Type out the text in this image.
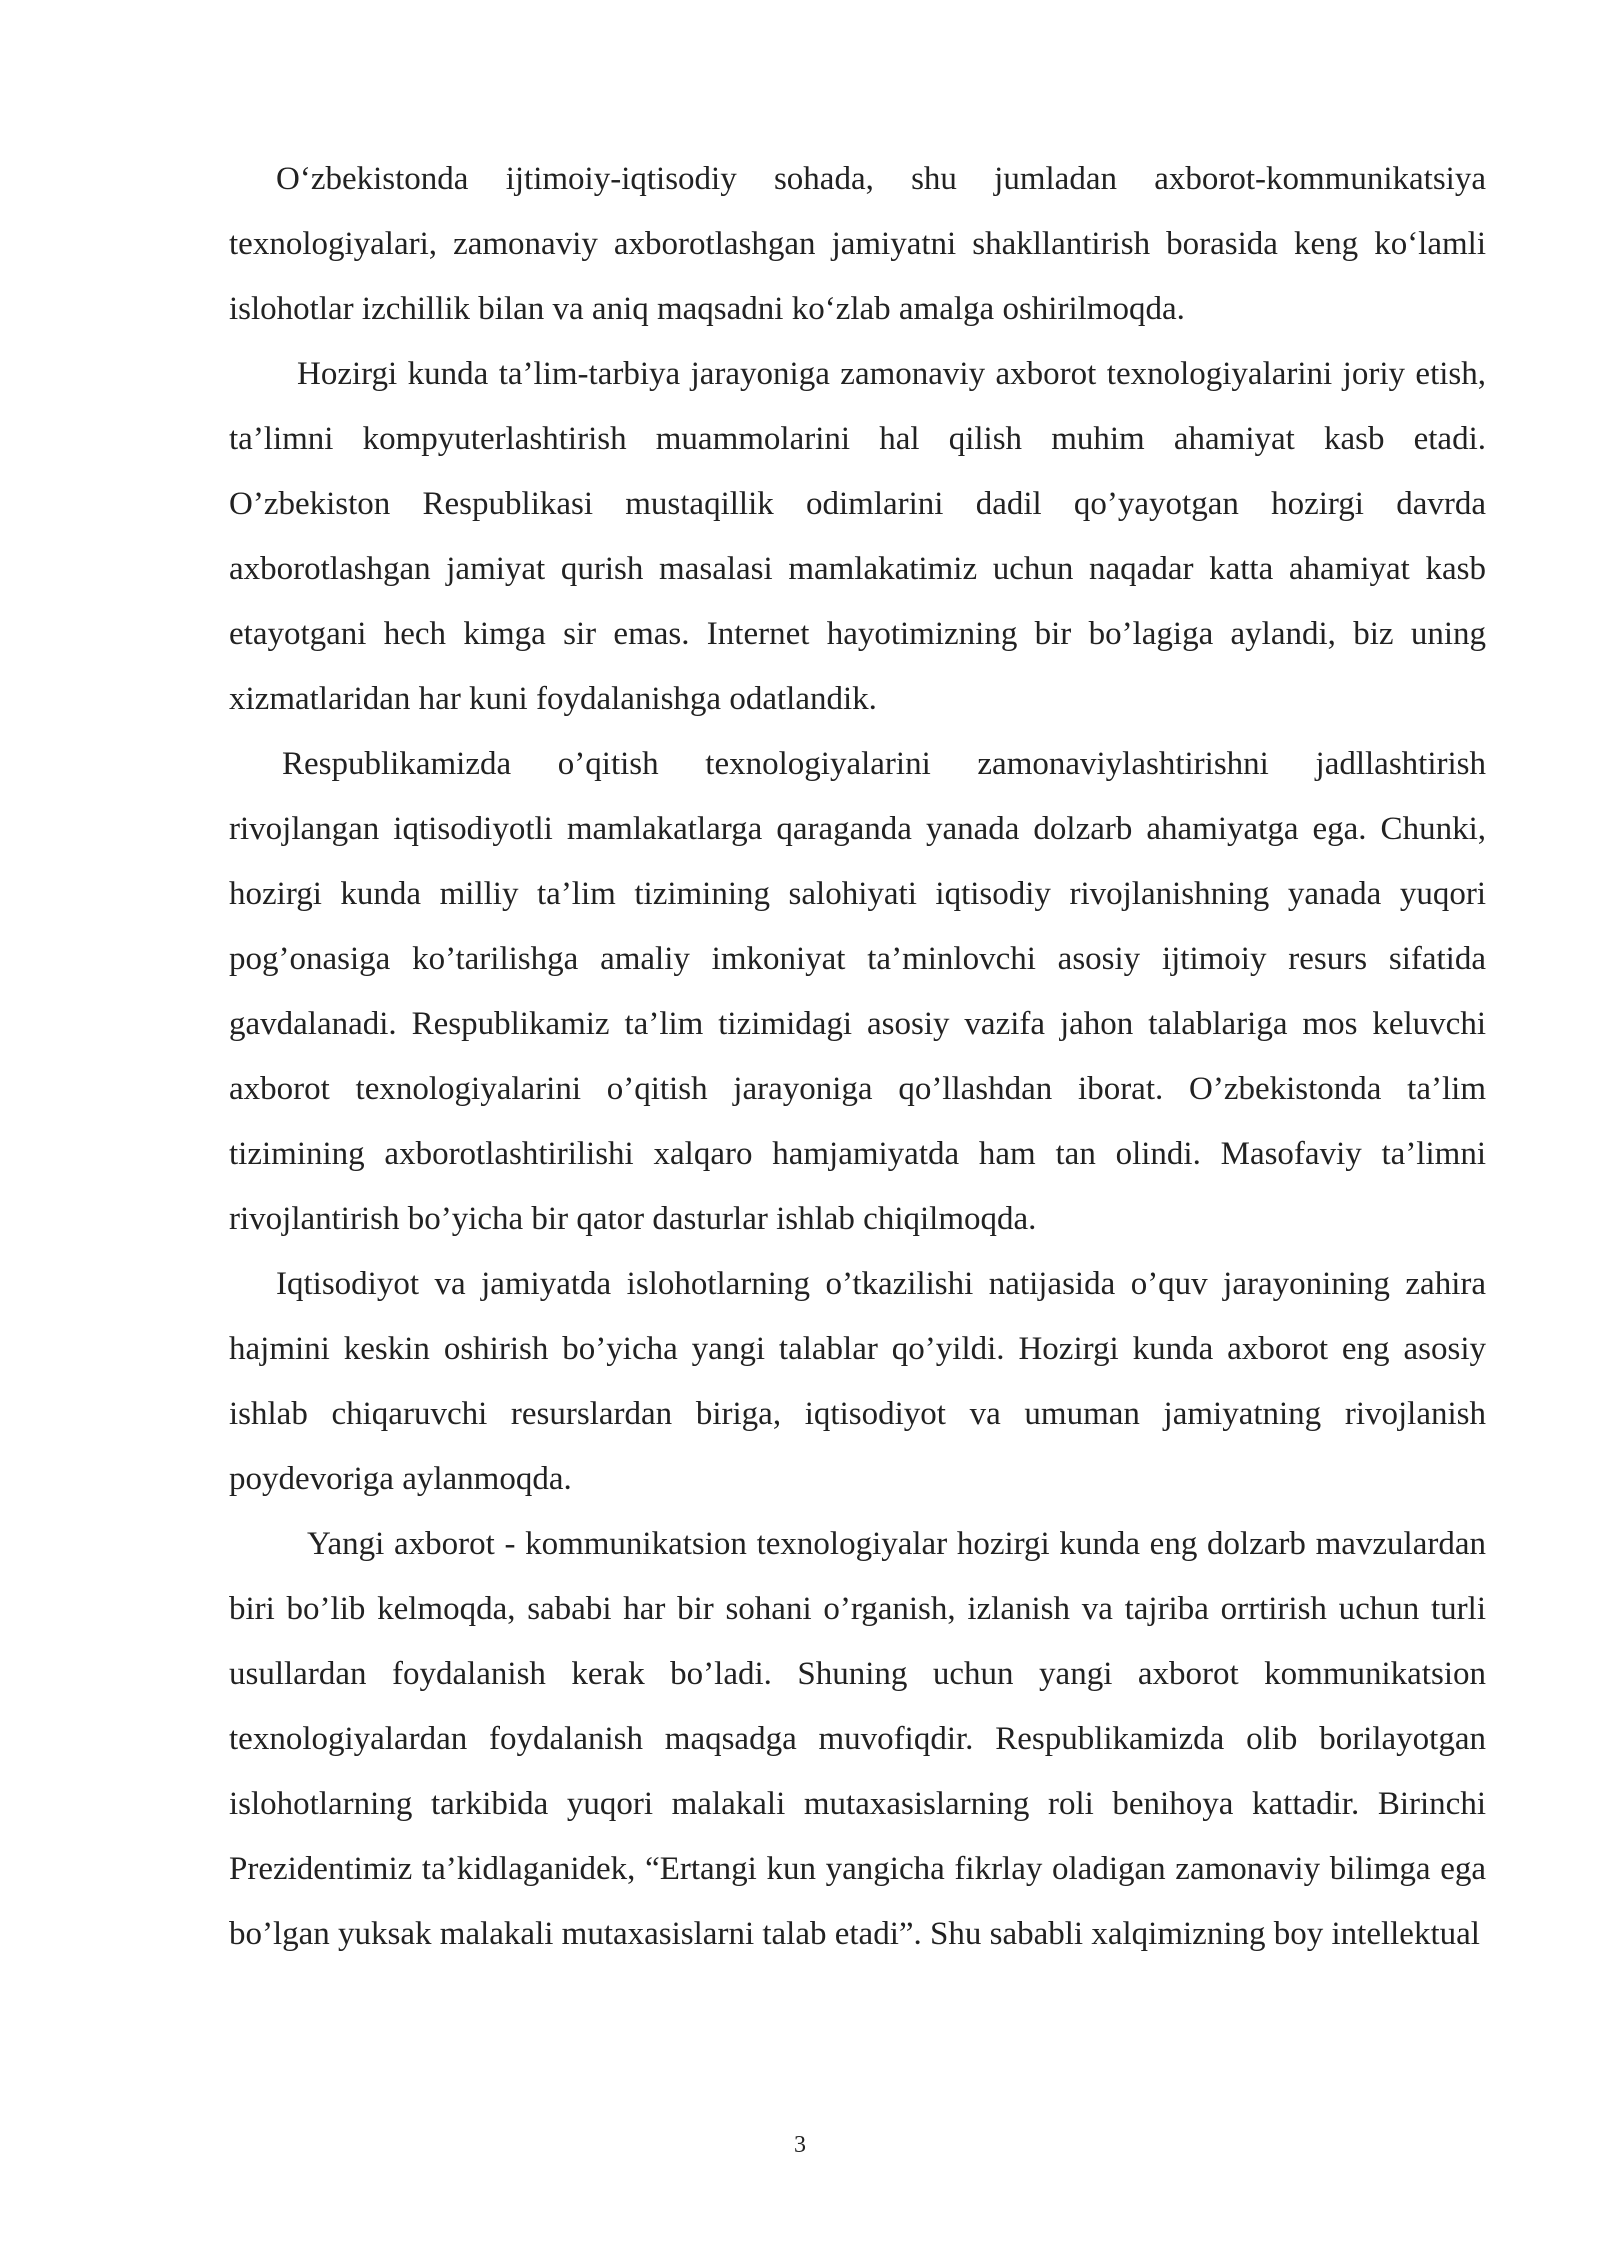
O‘zbekistonda ijtimoiy-iqtisodiy sohada, shu jumladan axborot-kommunikatsiya texnologiyalari, zamonaviy axborotlashgan jamiyatni shakllantirish borasida keng ko‘lamli islohotlar izchillik bilan va aniq maqsadni ko‘zlab amalga oshirilmoqda.

Hozirgi kunda ta’lim-tarbiya jarayoniga zamonaviy axborot texnologiyalarini joriy etish, ta’limni kompyuterlashtirish muammolarini hal qilish muhim ahamiyat kasb etadi. O’zbekiston Respublikasi mustaqillik odimlarini dadil qo’yayotgan hozirgi davrda axborotlashgan jamiyat qurish masalasi mamlakatimiz uchun naqadar katta ahamiyat kasb etayotgani hech kimga sir emas. Internet hayotimizning bir bo’lagiga aylandi, biz uning xizmatlaridan har kuni foydalanishga odatlandik.

Respublikamizda o’qitish texnologiyalarini zamonaviylashtirishni jadllashtirish rivojlangan iqtisodiyotli mamlakatlarga qaraganda yanada dolzarb ahamiyatga ega. Chunki, hozirgi kunda milliy ta’lim tizimining salohiyati iqtisodiy rivojlanishning yanada yuqori pog’onasiga ko’tarilishga amaliy imkoniyat ta’minlovchi asosiy ijtimoiy resurs sifatida gavdalanadi. Respublikamiz ta’lim tizimidagi asosiy vazifa jahon talablariga mos keluvchi axborot texnologiyalarini o’qitish jarayoniga qo’llashdan iborat. O’zbekistonda ta’lim tizimining axborotlashtirilishi xalqaro hamjamiyatda ham tan olindi. Masofaviy ta’limni rivojlantirish bo’yicha bir qator dasturlar ishlab chiqilmoqda.

Iqtisodiyot va jamiyatda islohotlarning o’tkazilishi natijasida o’quv jarayonining zahira hajmini keskin oshirish bo’yicha yangi talablar qo’yildi. Hozirgi kunda axborot eng asosiy ishlab chiqaruvchi resurslardan biriga, iqtisodiyot va umuman jamiyatning rivojlanish poydevoriga aylanmoqda.

Yangi axborot - kommunikatsion texnologiyalar hozirgi kunda eng dolzarb mavzulardan biri bo’lib kelmoqda, sababi har bir sohani o’rganish, izlanish va tajriba orrtirish uchun turli usullardan foydalanish kerak bo’ladi. Shuning uchun yangi axborot kommunikatsion texnologiyalardan foydalanish maqsadga muvofiqdir. Respublikamizda olib borilayotgan islohotlarning tarkibida yuqori malakali mutaxasislarning roli benihoya kattadir. Birinchi Prezidentimiz ta’kidlaganidek, “Ertangi kun yangicha fikrlay oladigan zamonaviy bilimga ega bo’lgan yuksak malakali mutaxasislarni talab etadi”. Shu sababli xalqimizning boy intellektual

3
